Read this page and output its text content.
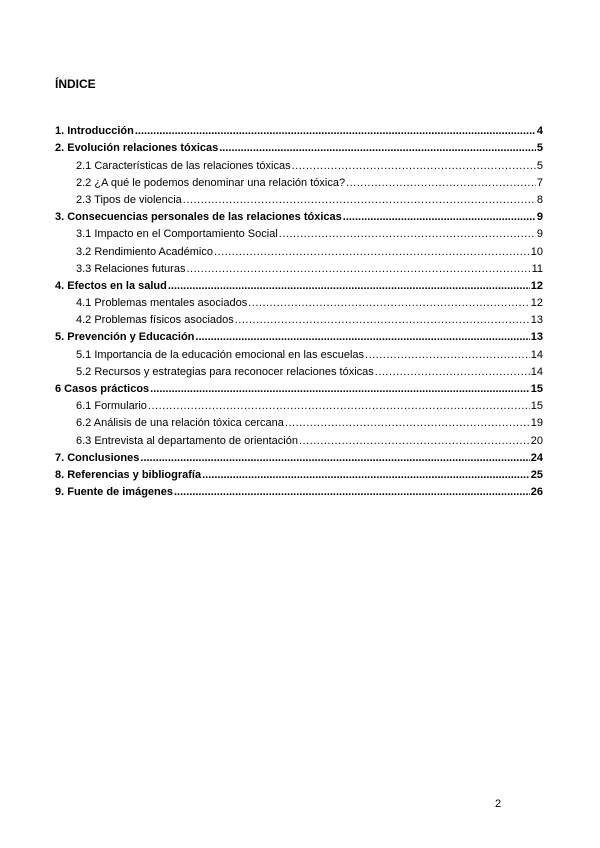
ÍNDICE
1. Introducción .....	4
2. Evolución relaciones tóxicas .....	5
2.1 Características de las relaciones tóxicas .....	5
2.2 ¿A qué le podemos denominar una relación tóxica? .....	7
2.3 Tipos de violencia .....	8
3. Consecuencias personales de las relaciones tóxicas .....	9
3.1 Impacto en el Comportamiento Social .....	9
3.2 Rendimiento Académico .....	10
3.3 Relaciones futuras .....	11
4. Efectos en la salud .....	12
4.1 Problemas mentales asociados .....	12
4.2 Problemas físicos asociados .....	13
5. Prevención y Educación .....	13
5.1 Importancia de la educación emocional en las escuelas .....	14
5.2 Recursos y estrategias para reconocer relaciones tóxicas .....	14
6 Casos prácticos .....	15
6.1 Formulario .....	15
6.2 Análisis de una relación tóxica cercana .....	19
6.3 Entrevista al departamento de orientación .....	20
7. Conclusiones .....	24
8. Referencias y bibliografía .....	25
9. Fuente de imágenes .....	26
2
